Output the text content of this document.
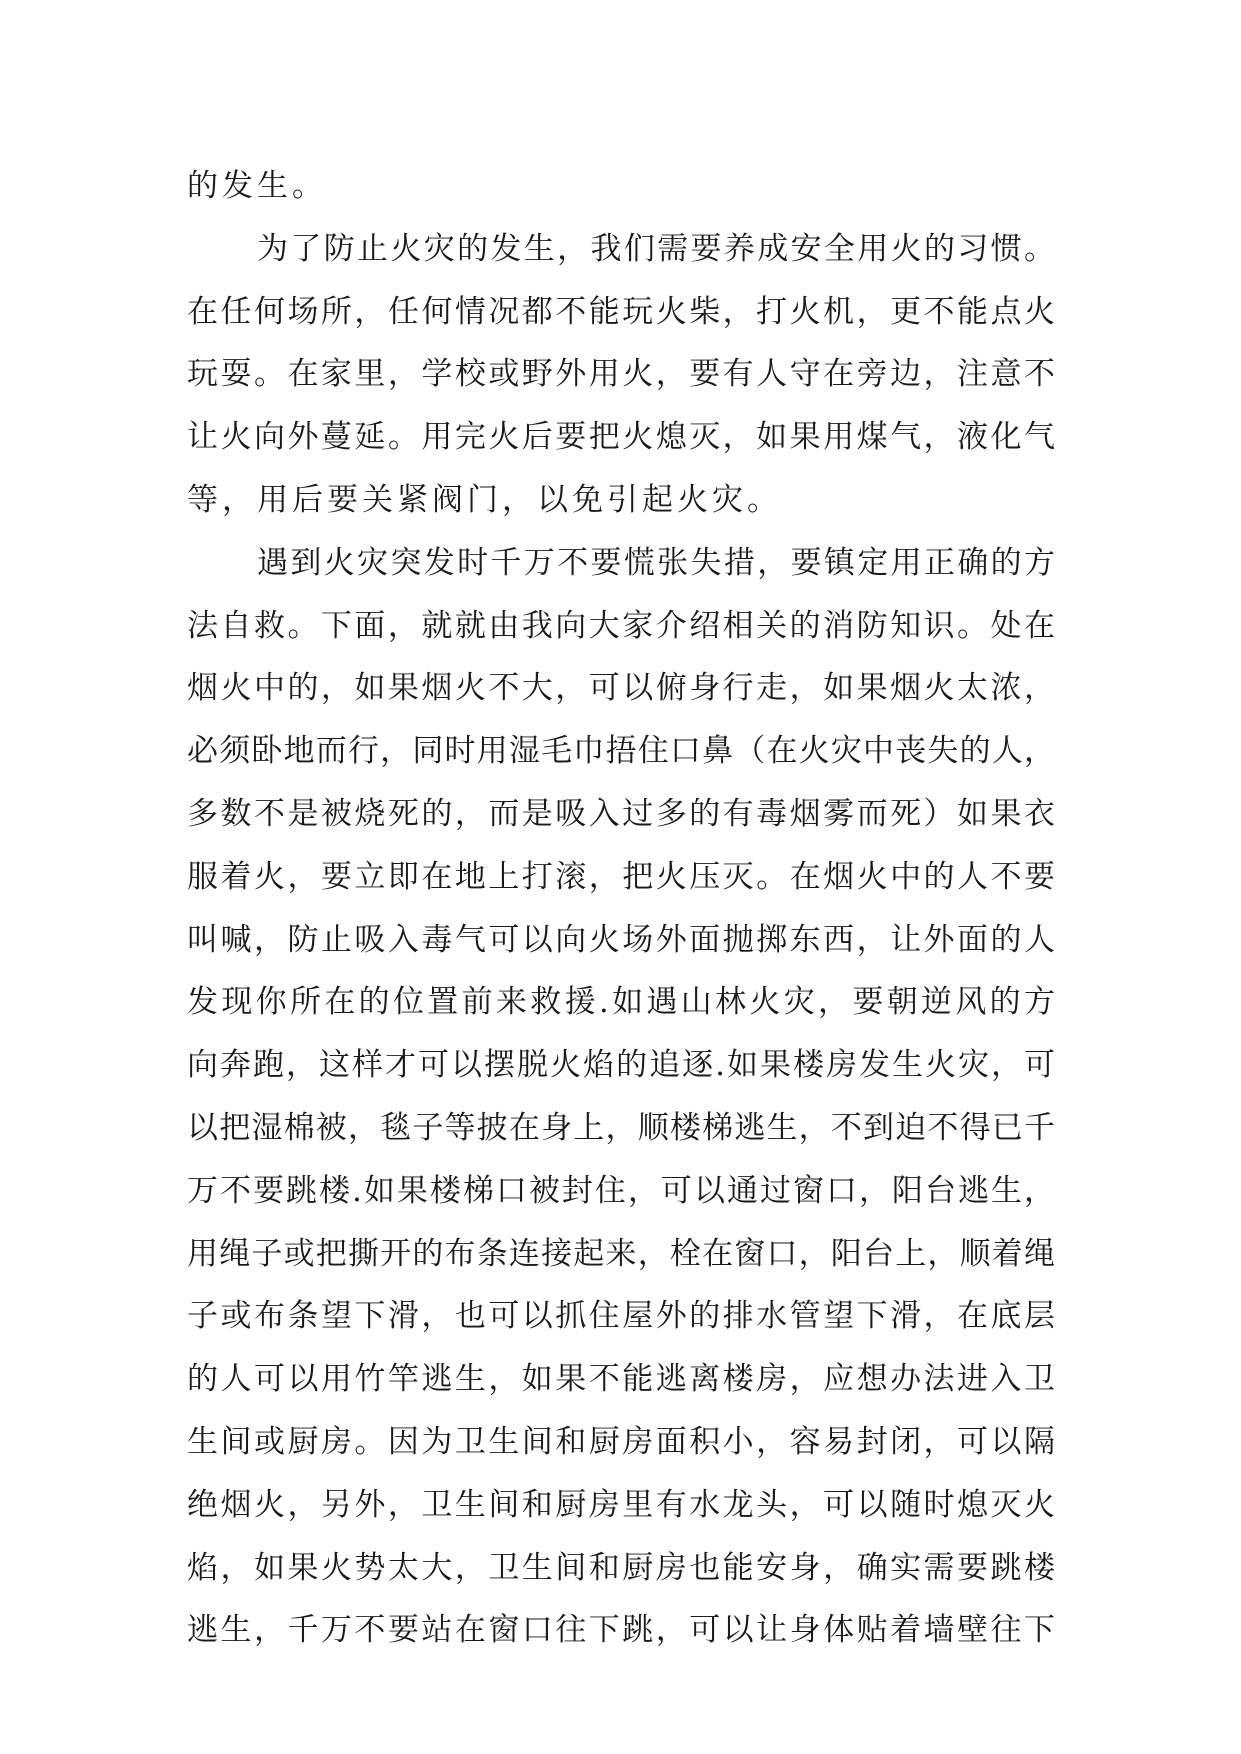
的发生。
为了防止火灾的发生，我们需要养成安全用火的习惯。
在任何场所，任何情况都不能玩火柴，打火机，更不能点火
玩耍。在家里，学校或野外用火，要有人守在旁边，注意不
让火向外蔓延。用完火后要把火熄灭，如果用煤气，液化气
等，用后要关紧阀门，以免引起火灾。
遇到火灾突发时千万不要慌张失措，要镇定用正确的方
法自救。下面，就就由我向大家介绍相关的消防知识。处在
烟火中的，如果烟火不大，可以俯身行走，如果烟火太浓，
必须卧地而行，同时用湿毛巾捂住口鼻（在火灾中丧失的人，
多数不是被烧死的，而是吸入过多的有毒烟雾而死）如果衣
服着火，要立即在地上打滚，把火压灭。在烟火中的人不要
叫喊，防止吸入毒气可以向火场外面抛掷东西，让外面的人
发现你所在的位置前来救援.如遇山林火灾，要朝逆风的方
向奔跑，这样才可以摆脱火焰的追逐.如果楼房发生火灾，可
以把湿棉被，毯子等披在身上，顺楼梯逃生，不到迫不得已千
万不要跳楼.如果楼梯口被封住，可以通过窗口，阳台逃生，
用绳子或把撕开的布条连接起来，栓在窗口，阳台上，顺着绳
子或布条望下滑，也可以抓住屋外的排水管望下滑，在底层
的人可以用竹竿逃生，如果不能逃离楼房，应想办法进入卫
生间或厨房。因为卫生间和厨房面积小，容易封闭，可以隔
绝烟火，另外，卫生间和厨房里有水龙头，可以随时熄灭火
焰，如果火势太大，卫生间和厨房也能安身，确实需要跳楼
逃生，千万不要站在窗口往下跳，可以让身体贴着墙壁往下
